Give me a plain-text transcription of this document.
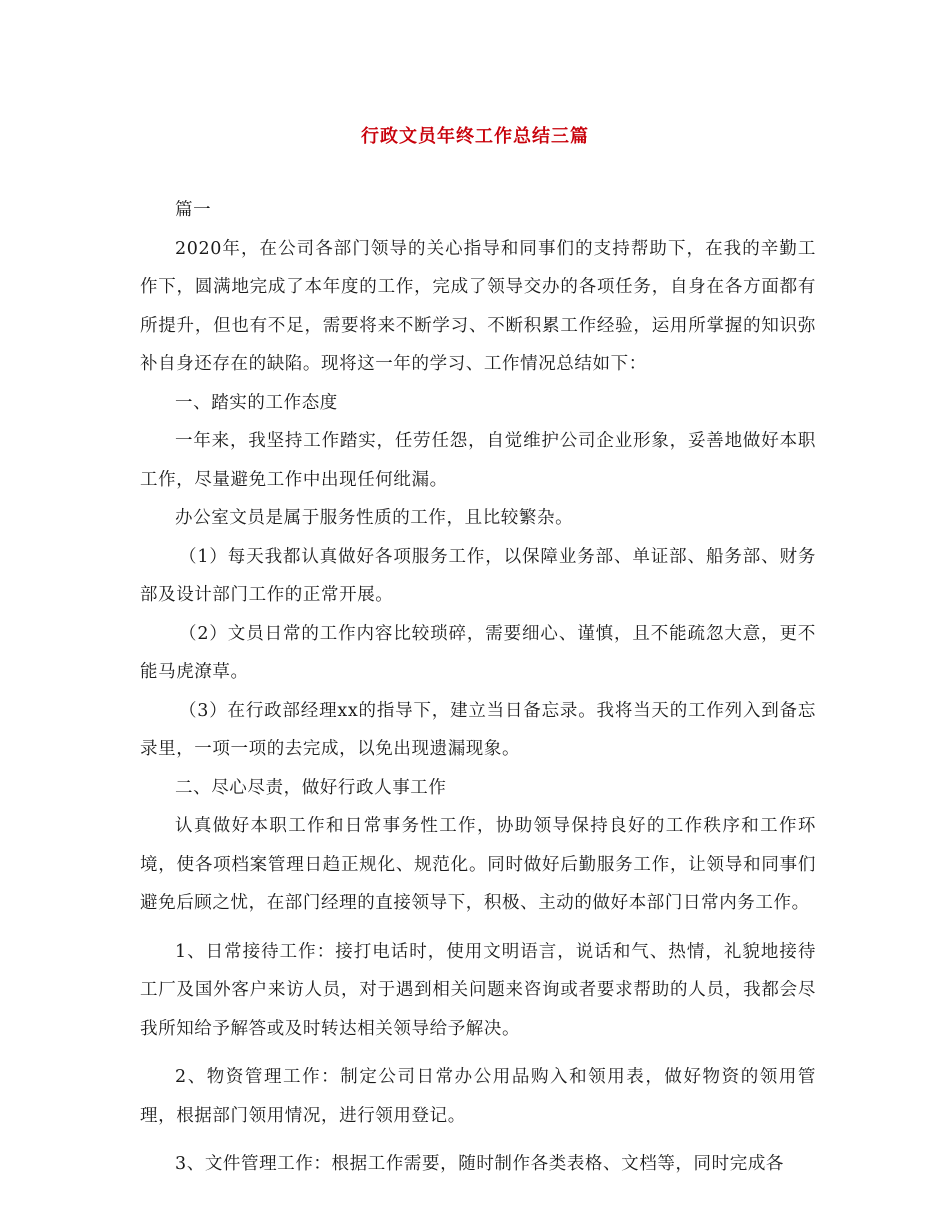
行政文员年终工作总结三篇

篇一

2020年，在公司各部门领导的关心指导和同事们的支持帮助下，在我的辛勤工作下，圆满地完成了本年度的工作，完成了领导交办的各项任务，自身在各方面都有所提升，但也有不足，需要将来不断学习、不断积累工作经验，运用所掌握的知识弥补自身还存在的缺陷。现将这一年的学习、工作情况总结如下：

一、踏实的工作态度

一年来，我坚持工作踏实，任劳任怨，自觉维护公司企业形象，妥善地做好本职工作，尽量避免工作中出现任何纰漏。

办公室文员是属于服务性质的工作，且比较繁杂。

（1）每天我都认真做好各项服务工作，以保障业务部、单证部、船务部、财务部及设计部门工作的正常开展。

（2）文员日常的工作内容比较琐碎，需要细心、谨慎，且不能疏忽大意，更不能马虎潦草。

（3）在行政部经理xx的指导下，建立当日备忘录。我将当天的工作列入到备忘录里，一项一项的去完成，以免出现遗漏现象。

二、尽心尽责，做好行政人事工作

认真做好本职工作和日常事务性工作，协助领导保持良好的工作秩序和工作环境，使各项档案管理日趋正规化、规范化。同时做好后勤服务工作，让领导和同事们避免后顾之忧，在部门经理的直接领导下，积极、主动的做好本部门日常内务工作。

1、日常接待工作：接打电话时，使用文明语言，说话和气、热情，礼貌地接待工厂及国外客户来访人员，对于遇到相关问题来咨询或者要求帮助的人员，我都会尽我所知给予解答或及时转达相关领导给予解决。

2、物资管理工作：制定公司日常办公用品购入和领用表，做好物资的领用管理，根据部门领用情况，进行领用登记。

3、文件管理工作：根据工作需要，随时制作各类表格、文档等，同时完成各
